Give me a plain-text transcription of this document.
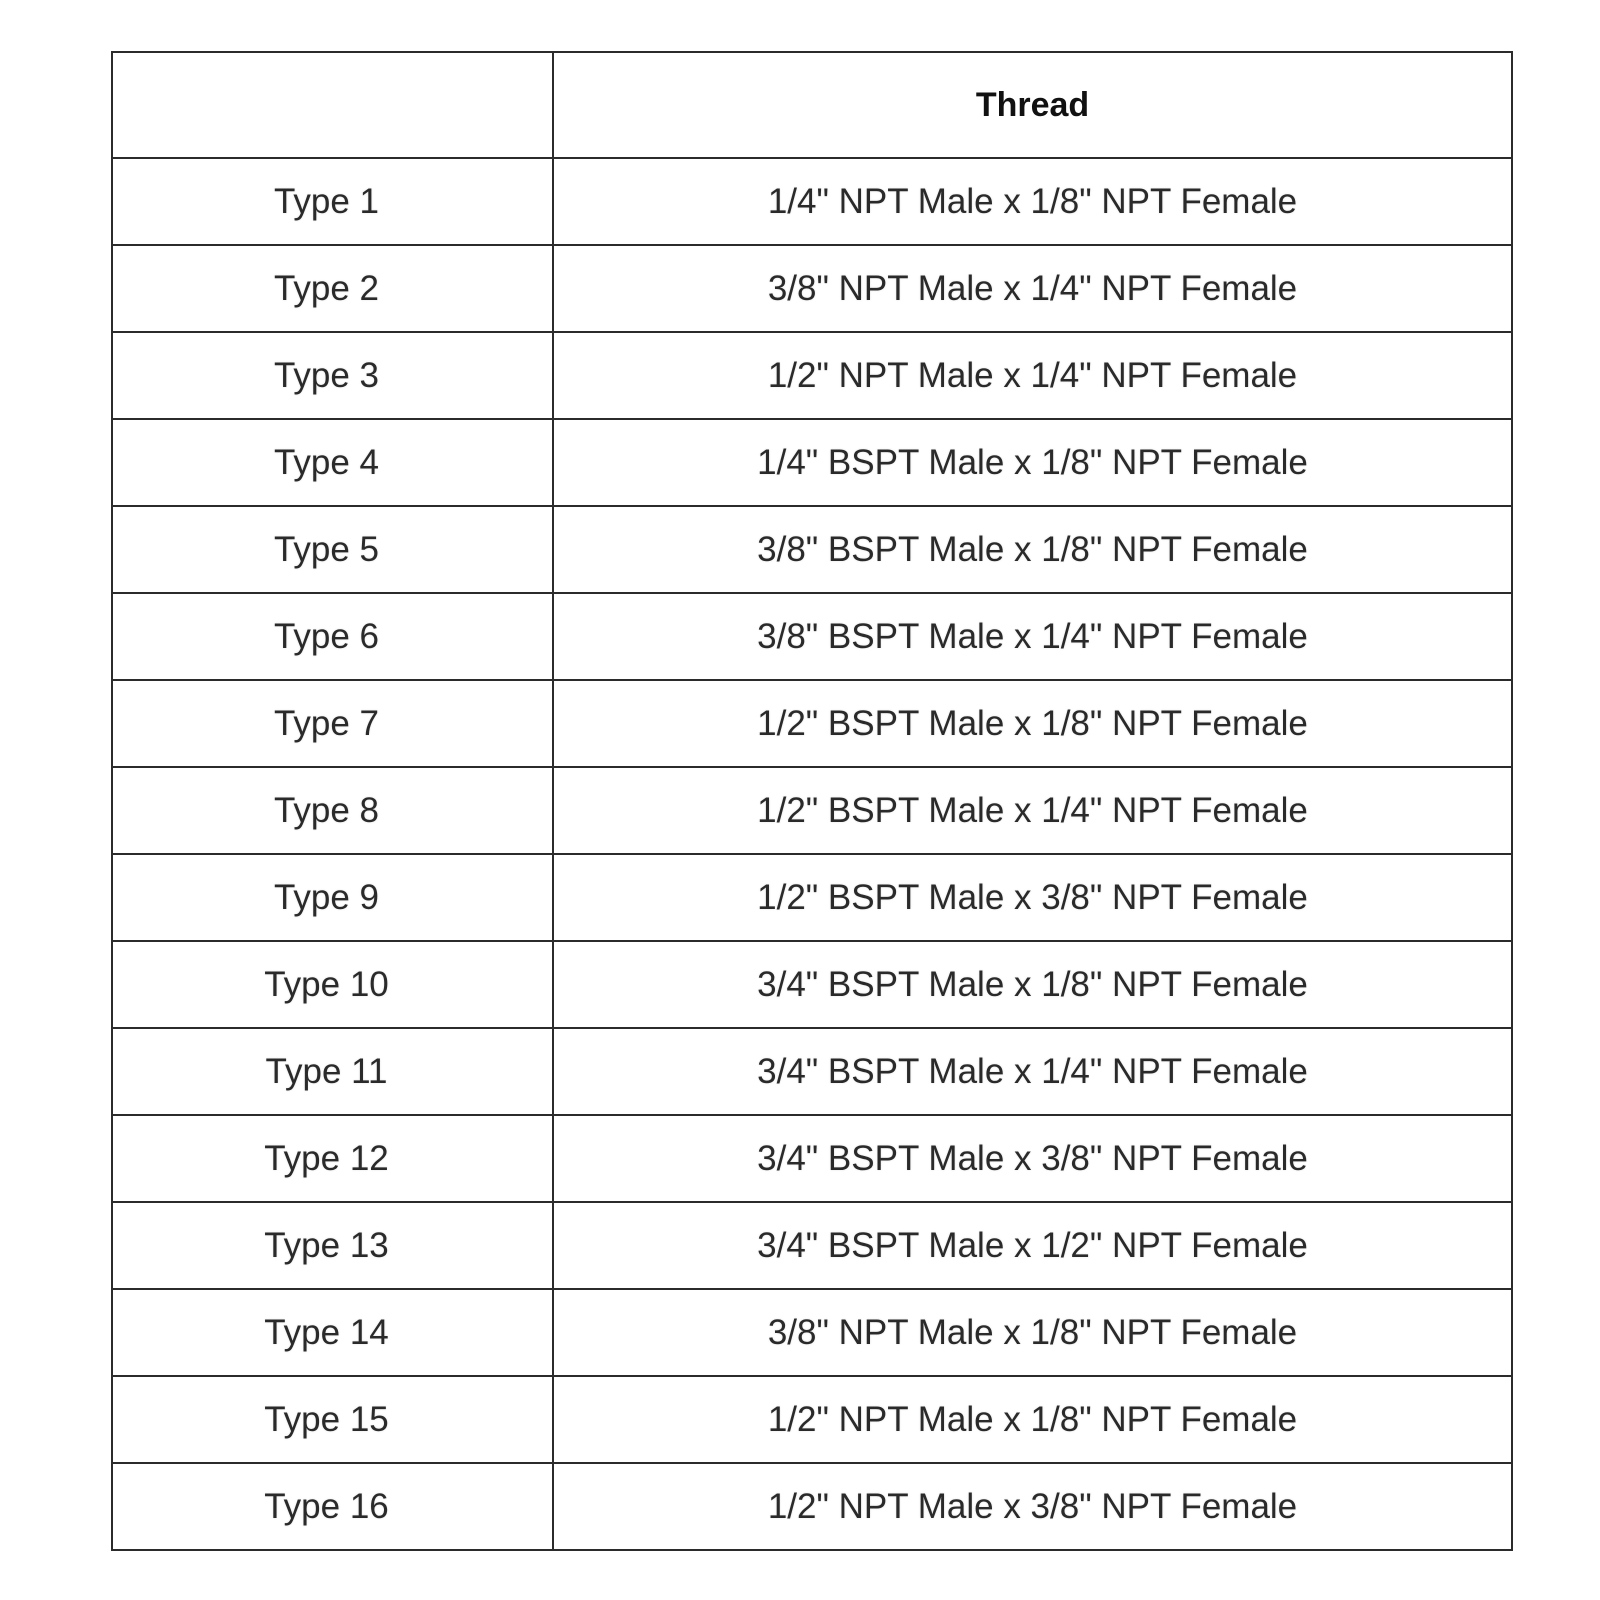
	Thread
Type 1	1/4" NPT Male x 1/8" NPT Female
Type 2	3/8" NPT Male x 1/4" NPT Female
Type 3	1/2" NPT Male x 1/4" NPT Female
Type 4	1/4" BSPT Male x 1/8" NPT Female
Type 5	3/8" BSPT Male x 1/8" NPT Female
Type 6	3/8" BSPT Male x 1/4" NPT Female
Type 7	1/2" BSPT Male x 1/8" NPT Female
Type 8	1/2" BSPT Male x 1/4" NPT Female
Type 9	1/2" BSPT Male x 3/8" NPT Female
Type 10	3/4" BSPT Male x 1/8" NPT Female
Type 11	3/4" BSPT Male x 1/4" NPT Female
Type 12	3/4" BSPT Male x 3/8" NPT Female
Type 13	3/4" BSPT Male x 1/2" NPT Female
Type 14	3/8" NPT Male x 1/8" NPT Female
Type 15	1/2" NPT Male x 1/8" NPT Female
Type 16	1/2" NPT Male x 3/8" NPT Female
